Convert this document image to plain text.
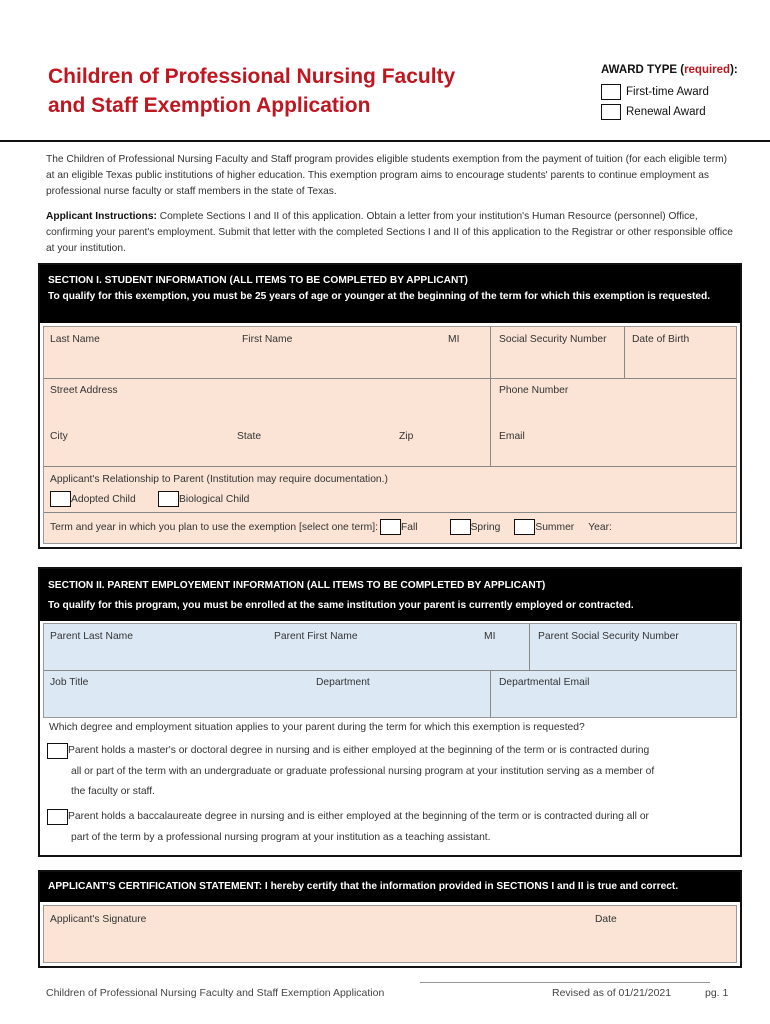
Children of Professional Nursing Faculty
and Staff Exemption Application
AWARD TYPE (required):
First-time Award
Renewal Award
The Children of Professional Nursing Faculty and Staff program provides eligible students exemption from the payment of tuition (for each eligible term) at an eligible Texas public institutions of higher education. This exemption program aims to encourage students' parents to continue employment as professional nurse faculty or staff members in the state of Texas.
Applicant Instructions: Complete Sections I and II of this application. Obtain a letter from your institution's Human Resource (personnel) Office, confirming your parent's employment. Submit that letter with the completed Sections I and II of this application to the Registrar or other responsible office at your institution.
SECTION I. STUDENT INFORMATION (ALL ITEMS TO BE COMPLETED BY APPLICANT)
To qualify for this exemption, you must be 25 years of age or younger at the beginning of the term for which this exemption is requested.
Last Name	First Name	MI	Social Security Number Date of Birth
Street Address	Phone Number
City	State	Zip	Email
Applicant's Relationship to Parent (Institution may require documentation.)
Adopted Child	Biological Child
Term and year in which you plan to use the exemption [select one term]: Fall	Spring	Summer Year:
SECTION II. PARENT EMPLOYEMENT INFORMATION (ALL ITEMS TO BE COMPLETED BY APPLICANT)
To qualify for this program, you must be enrolled at the same institution your parent is currently employed or contracted.
Parent Last Name	Parent First Name	MI	Parent Social Security Number
Job Title	Department	Departmental Email
Which degree and employment situation applies to your parent during the term for which this exemption is requested?
Parent holds a master's or doctoral degree in nursing and is either employed at the beginning of the term or is contracted during
all or part of the term with an undergraduate or graduate professional nursing program at your institution serving as a member of
the faculty or staff.
Parent holds a baccalaureate degree in nursing and is either employed at the beginning of the term or is contracted during all or
part of the term by a professional nursing program at your institution as a teaching assistant.
APPLICANT'S CERTIFICATION STATEMENT: I hereby certify that the information provided in SECTIONS I and II is true and correct.
Applicant's Signature	Date
Children of Professional Nursing Faculty and Staff Exemption Application	Revised as of 01/21/2021	pg. 1
